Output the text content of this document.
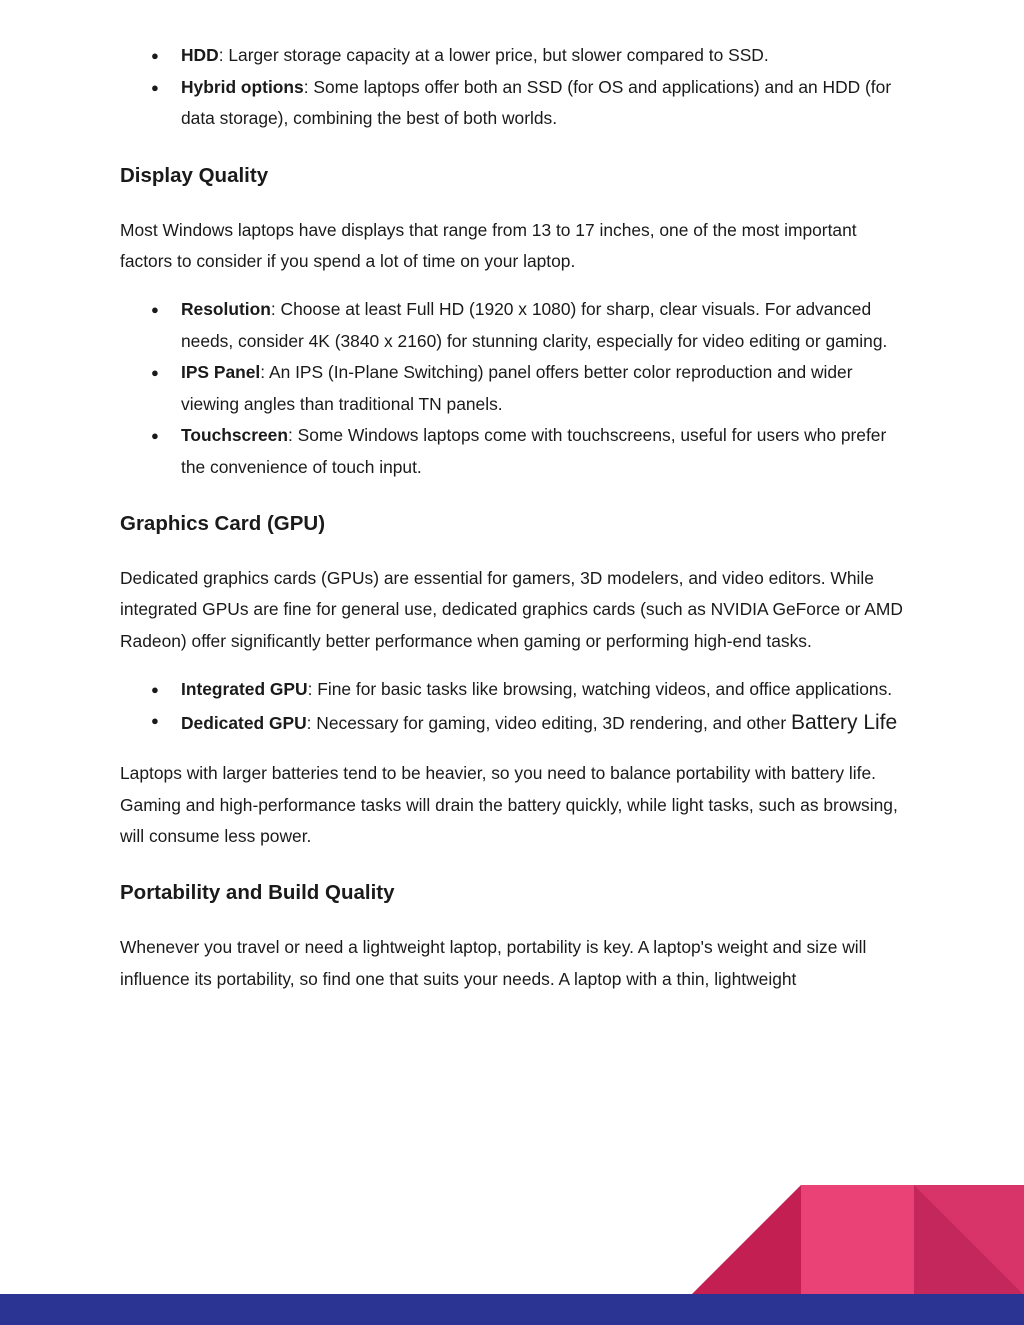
● HDD: Larger storage capacity at a lower price, but slower compared to SSD.
● Hybrid options: Some laptops offer both an SSD (for OS and applications) and an HDD (for data storage), combining the best of both worlds.
Display Quality

Most Windows laptops have displays that range from 13 to 17 inches, one of the most important factors to consider if you spend a lot of time on your laptop.

● Resolution: Choose at least Full HD (1920 x 1080) for sharp, clear visuals. For advanced needs, consider 4K (3840 x 2160) for stunning clarity, especially for video editing or gaming.
● IPS Panel: An IPS (In-Plane Switching) panel offers better color reproduction and wider viewing angles than traditional TN panels.
● Touchscreen: Some Windows laptops come with touchscreens, useful for users who prefer the convenience of touch input.
Graphics Card (GPU)

Dedicated graphics cards (GPUs) are essential for gamers, 3D modelers, and video editors. While integrated GPUs are fine for general use, dedicated graphics cards (such as NVIDIA GeForce or AMD Radeon) offer significantly better performance when gaming or performing high-end tasks.

● Integrated GPU: Fine for basic tasks like browsing, watching videos, and office applications.
● Dedicated GPU: Necessary for gaming, video editing, 3D rendering, and other Battery Life

Laptops with larger batteries tend to be heavier, so you need to balance portability with battery life. Gaming and high-performance tasks will drain the battery quickly, while light tasks, such as browsing, will consume less power.

Portability and Build Quality

Whenever you travel or need a lightweight laptop, portability is key. A laptop's weight and size will influence its portability, so find one that suits your needs. A laptop with a thin, lightweight
